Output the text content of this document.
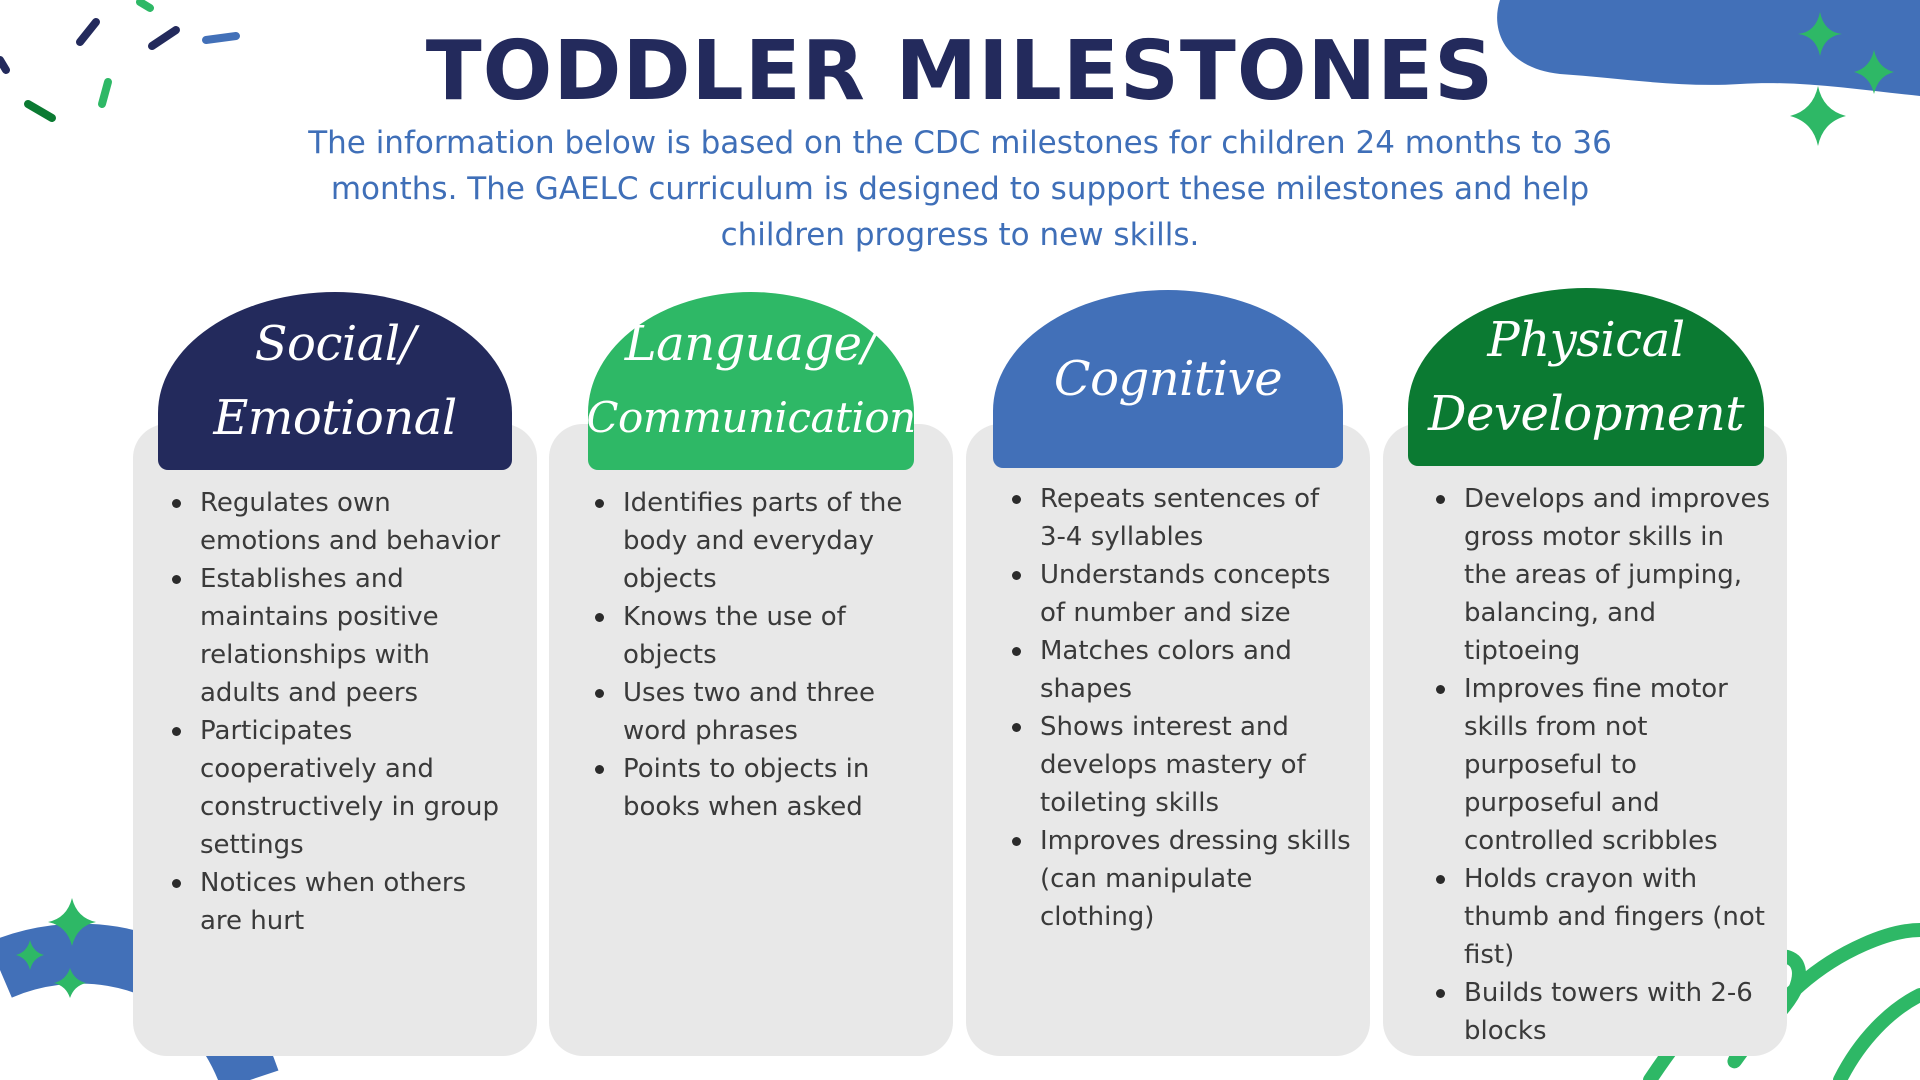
TODDLER MILESTONES

The information below is based on the CDC milestones for children 24 months to 36 months. The GAELC curriculum is designed to support these milestones and help children progress to new skills.

Social/
Emotional
Regulates own emotions and behavior
Establishes and maintains positive relationships with adults and peers
Participates cooperatively and constructively in group settings
Notices when others are hurt
Language/
Communication
Identifies parts of the body and everyday objects
Knows the use of objects
Uses two and three word phrases
Points to objects in books when asked
Cognitive
Repeats sentences of 3-4 syllables
Understands concepts of number and size
Matches colors and shapes
Shows interest and develops mastery of toileting skills
Improves dressing skills (can manipulate clothing)
Physical
Development
Develops and improves gross motor skills in the areas of jumping, balancing, and tiptoeing
Improves fine motor skills from not purposeful to purposeful and controlled scribbles
Holds crayon with thumb and fingers (not fist)
Builds towers with 2-6 blocks
